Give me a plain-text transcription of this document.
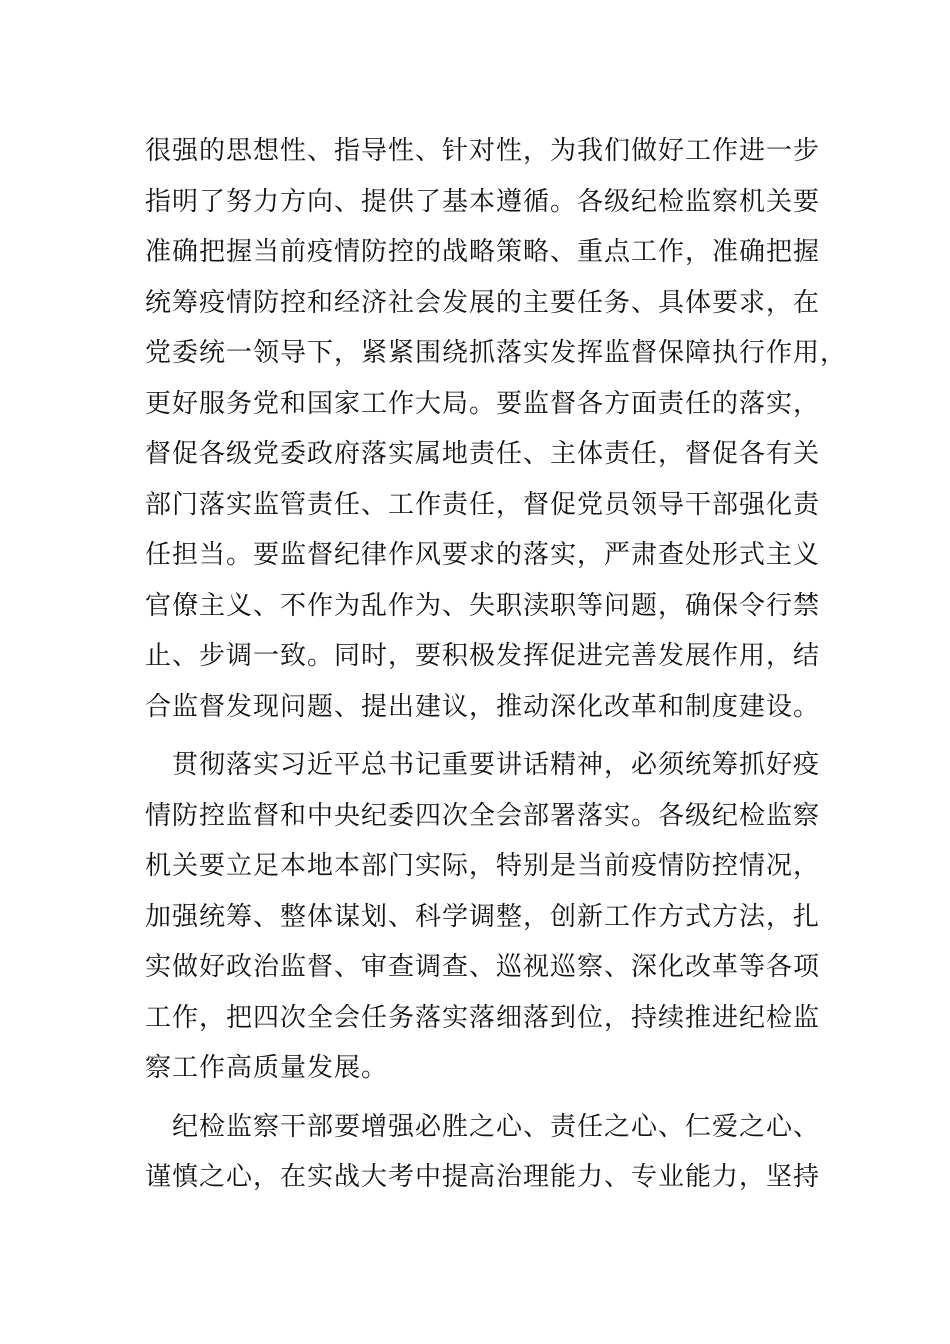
很强的思想性、指导性、针对性，为我们做好工作进一步
指明了努力方向、提供了基本遵循。各级纪检监察机关要
准确把握当前疫情防控的战略策略、重点工作，准确把握
统筹疫情防控和经济社会发展的主要任务、具体要求，在
党委统一领导下，紧紧围绕抓落实发挥监督保障执行作用，
更好服务党和国家工作大局。要监督各方面责任的落实，
督促各级党委政府落实属地责任、主体责任，督促各有关
部门落实监管责任、工作责任，督促党员领导干部强化责
任担当。要监督纪律作风要求的落实，严肃查处形式主义
官僚主义、不作为乱作为、失职渎职等问题，确保令行禁
止、步调一致。同时，要积极发挥促进完善发展作用，结
合监督发现问题、提出建议，推动深化改革和制度建设。
　贯彻落实习近平总书记重要讲话精神，必须统筹抓好疫
情防控监督和中央纪委四次全会部署落实。各级纪检监察
机关要立足本地本部门实际，特别是当前疫情防控情况，
加强统筹、整体谋划、科学调整，创新工作方式方法，扎
实做好政治监督、审查调查、巡视巡察、深化改革等各项
工作，把四次全会任务落实落细落到位，持续推进纪检监
察工作高质量发展。
　纪检监察干部要增强必胜之心、责任之心、仁爱之心、
谨慎之心，在实战大考中提高治理能力、专业能力，坚持
